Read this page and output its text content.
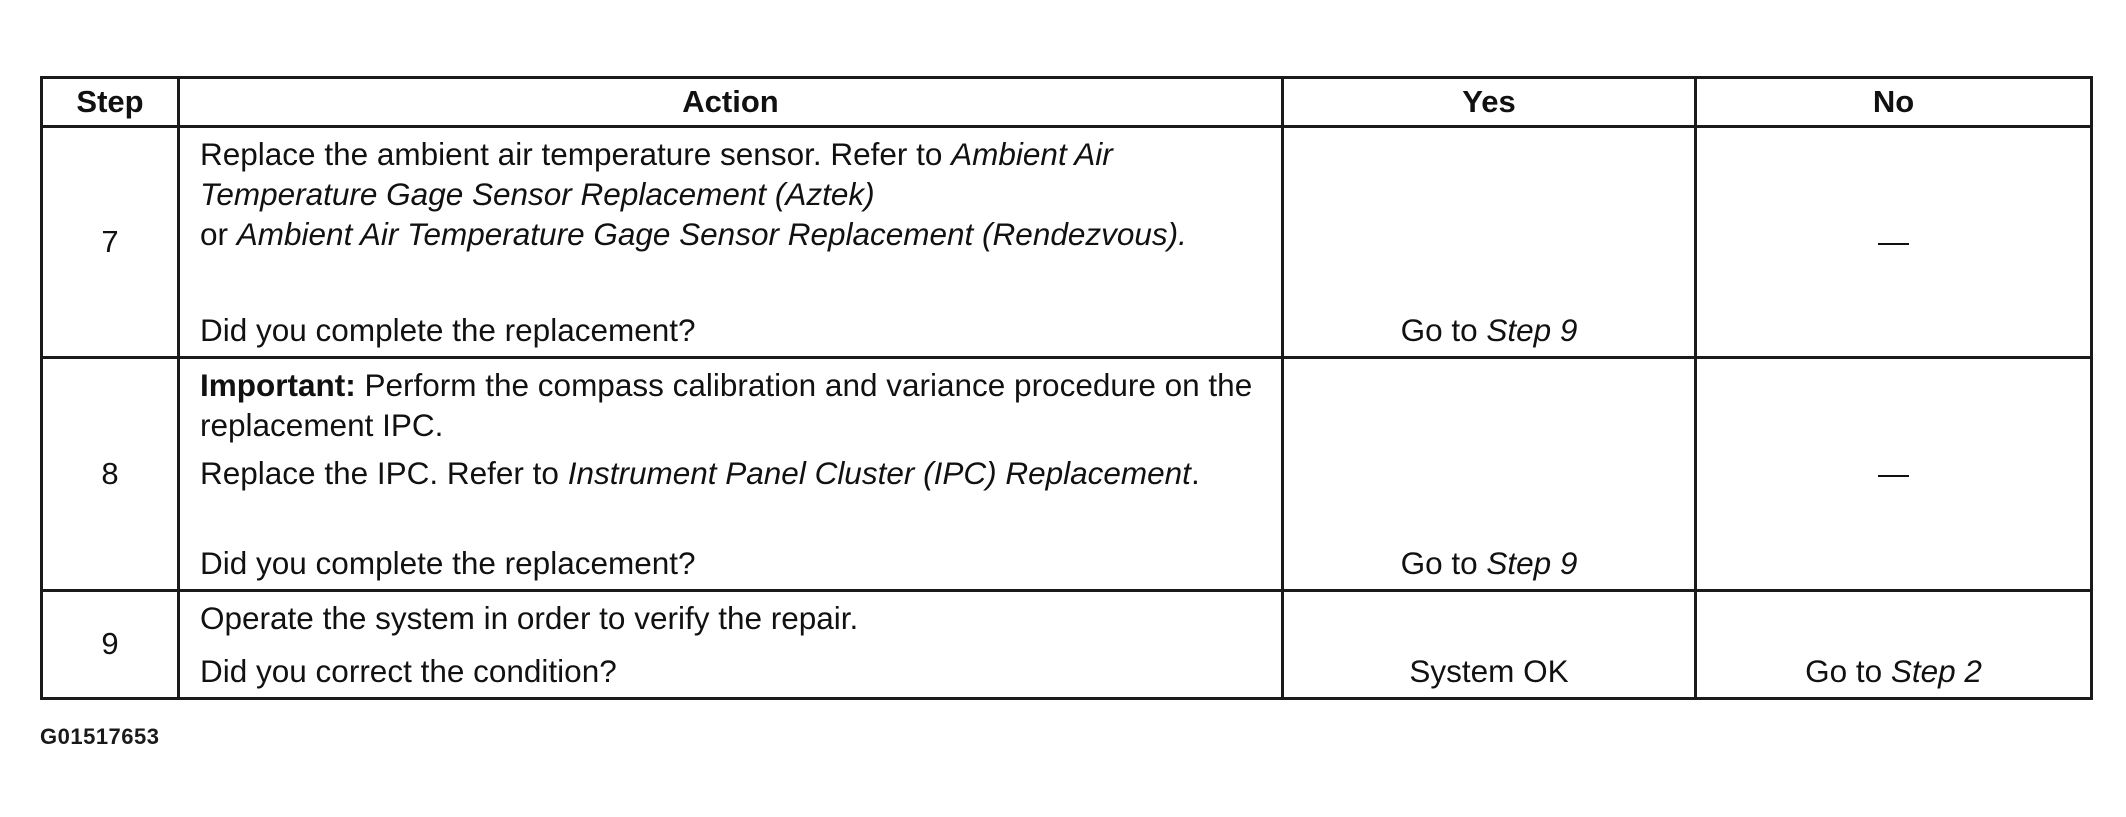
Step	Action	Yes	No
7	Replace the ambient air temperature sensor. Refer to Ambient Air Temperature Gage Sensor Replacement (Aztek)

or Ambient Air Temperature Gage Sensor Replacement (Rendezvous).

Did you complete the replacement?	Go to Step 9	—
8	Important: Perform the compass calibration and variance procedure on the replacement IPC.

Replace the IPC. Refer to Instrument Panel Cluster (IPC) Replacement.

Did you complete the replacement?	Go to Step 9	—
9	Operate the system in order to verify the repair.

Did you correct the condition?	System OK	Go to Step 2
G01517653
